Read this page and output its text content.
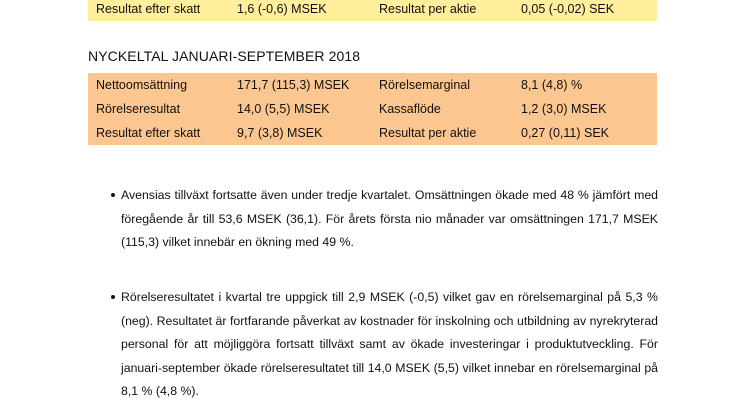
Resultat efter skatt	1,6 (-0,6) MSEK	Resultat per aktie	0,05 (-0,02) SEK
NYCKELTAL JANUARI-SEPTEMBER 2018
Nettoomsättning	171,7 (115,3) MSEK Rörelsemarginal	8,1 (4,8) %
Rörelseresultat	14,0 (5,5) MSEK	Kassaflöde	1,2 (3,0) MSEK
Resultat efter skatt	9,7 (3,8) MSEK	Resultat per aktie	0,27 (0,11) SEK

Avensias tillväxt fortsatte även under tredje kvartalet. Omsättningen ökade med 48 % jämfört med föregående år till 53,6 MSEK (36,1). För årets första nio månader var omsättningen 171,7 MSEK (115,3) vilket innebär en ökning med 49 %.

Rörelseresultatet i kvartal tre uppgick till 2,9 MSEK (-0,5) vilket gav en rörelsemarginal på 5,3 % (neg). Resultatet är fortfarande påverkat av kostnader för inskolning och utbildning av nyrekryterad personal för att möjliggöra fortsatt tillväxt samt av ökade investeringar i produktutveckling. För januari-september ökade rörelseresultatet till 14,0 MSEK (5,5) vilket innebar en rörelsemarginal på 8,1 % (4,8 %).
